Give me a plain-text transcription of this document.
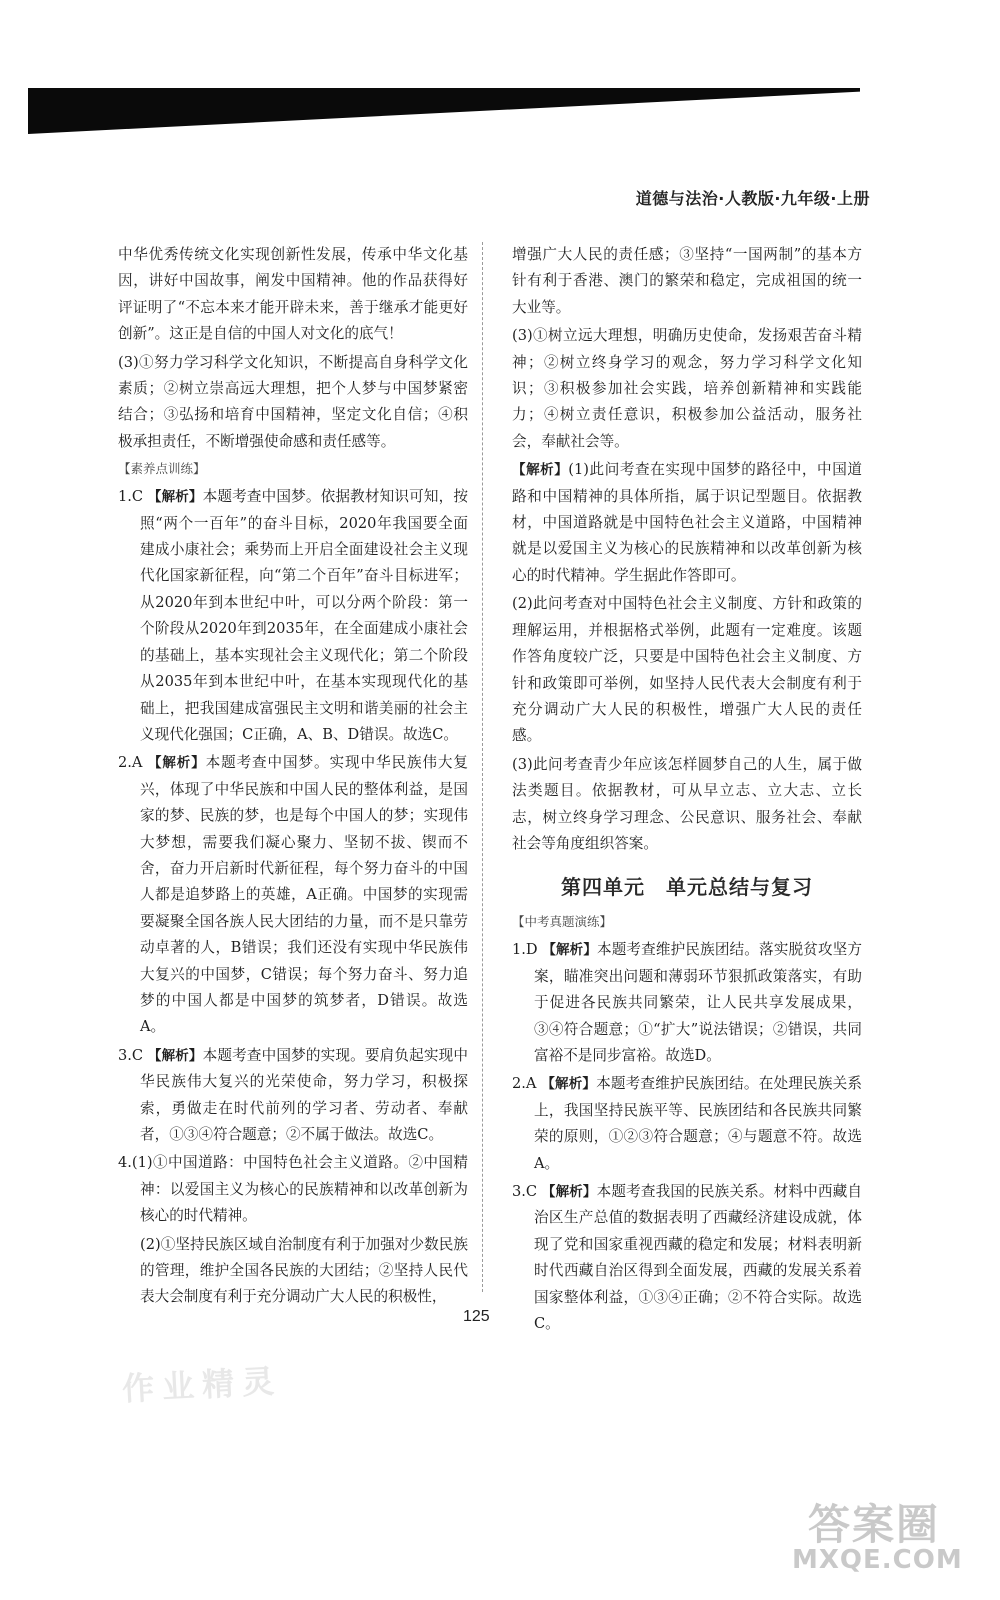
道德与法治·人教版·九年级·上册

中华优秀传统文化实现创新性发展，传承中华文化基因，讲好中国故事，阐发中国精神。他的作品获得好评证明了“不忘本来才能开辟未来，善于继承才能更好创新”。这正是自信的中国人对文化的底气！

(3)①努力学习科学文化知识，不断提高自身科学文化素质；②树立崇高远大理想，把个人梦与中国梦紧密结合；③弘扬和培育中国精神，坚定文化自信；④积极承担责任，不断增强使命感和责任感等。

【素养点训练】

1.C 【解析】本题考查中国梦。依据教材知识可知，按照“两个一百年”的奋斗目标，2020年我国要全面建成小康社会；乘势而上开启全面建设社会主义现代化国家新征程，向“第二个百年”奋斗目标进军；从2020年到本世纪中叶，可以分两个阶段：第一个阶段从2020年到2035年，在全面建成小康社会的基础上，基本实现社会主义现代化；第二个阶段从2035年到本世纪中叶，在基本实现现代化的基础上，把我国建成富强民主文明和谐美丽的社会主义现代化强国；C正确，A、B、D错误。故选C。

2.A 【解析】本题考查中国梦。实现中华民族伟大复兴，体现了中华民族和中国人民的整体利益，是国家的梦、民族的梦，也是每个中国人的梦；实现伟大梦想，需要我们凝心聚力、坚韧不拔、锲而不舍，奋力开启新时代新征程，每个努力奋斗的中国人都是追梦路上的英雄，A正确。中国梦的实现需要凝聚全国各族人民大团结的力量，而不是只靠劳动卓著的人，B错误；我们还没有实现中华民族伟大复兴的中国梦，C错误；每个努力奋斗、努力追梦的中国人都是中国梦的筑梦者，D错误。故选A。

3.C 【解析】本题考查中国梦的实现。要肩负起实现中华民族伟大复兴的光荣使命，努力学习，积极探索，勇做走在时代前列的学习者、劳动者、奉献者，①③④符合题意；②不属于做法。故选C。

4.(1)①中国道路：中国特色社会主义道路。②中国精神：以爱国主义为核心的民族精神和以改革创新为核心的时代精神。

(2)①坚持民族区域自治制度有利于加强对少数民族的管理，维护全国各民族的大团结；②坚持人民代表大会制度有利于充分调动广大人民的积极性，

增强广大人民的责任感；③坚持“一国两制”的基本方针有利于香港、澳门的繁荣和稳定，完成祖国的统一大业等。

(3)①树立远大理想，明确历史使命，发扬艰苦奋斗精神；②树立终身学习的观念，努力学习科学文化知识；③积极参加社会实践，培养创新精神和实践能力；④树立责任意识，积极参加公益活动，服务社会，奉献社会等。

【解析】(1)此问考查在实现中国梦的路径中，中国道路和中国精神的具体所指，属于识记型题目。依据教材，中国道路就是中国特色社会主义道路，中国精神就是以爱国主义为核心的民族精神和以改革创新为核心的时代精神。学生据此作答即可。

(2)此问考查对中国特色社会主义制度、方针和政策的理解运用，并根据格式举例，此题有一定难度。该题作答角度较广泛，只要是中国特色社会主义制度、方针和政策即可举例，如坚持人民代表大会制度有利于充分调动广大人民的积极性，增强广大人民的责任感。

(3)此问考查青少年应该怎样圆梦自己的人生，属于做法类题目。依据教材，可从早立志、立大志、立长志，树立终身学习理念、公民意识、服务社会、奉献社会等角度组织答案。

第四单元　单元总结与复习
【中考真题演练】

1.D 【解析】本题考查维护民族团结。落实脱贫攻坚方案，瞄准突出问题和薄弱环节狠抓政策落实，有助于促进各民族共同繁荣，让人民共享发展成果，③④符合题意；①“扩大”说法错误；②错误，共同富裕不是同步富裕。故选D。

2.A 【解析】本题考查维护民族团结。在处理民族关系上，我国坚持民族平等、民族团结和各民族共同繁荣的原则，①②③符合题意；④与题意不符。故选A。

3.C 【解析】本题考查我国的民族关系。材料中西藏自治区生产总值的数据表明了西藏经济建设成就，体现了党和国家重视西藏的稳定和发展；材料表明新时代西藏自治区得到全面发展，西藏的发展关系着国家整体利益，①③④正确；②不符合实际。故选C。

125
作业精灵
答案圈
MXQE.COM
